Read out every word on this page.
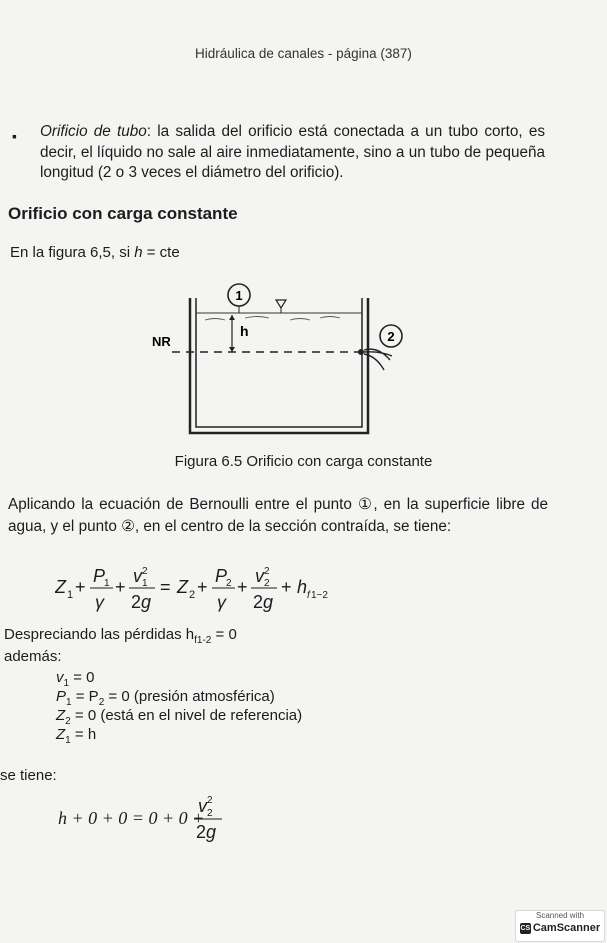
Hidráulica de canales - página (387)
▪ Orificio de tubo: la salida del orificio está conectada a un tubo corto, es decir, el líquido no sale al aire inmediatamente, sino a un tubo de pequeña longitud (2 o 3 veces el diámetro del orificio).
Orificio con carga constante
En la figura 6,5, si h = cte
1
h
NR	2
Figura 6.5 Orificio con carga constante
Aplicando la ecuación de Bernoulli entre el punto ①, en la superficie libre de agua, y el punto ②, en el centro de la sección contraída, se tiene:
Z 1 +
P
1
γ
+
v 1
2
2 g
= Z 2 +
P
2
γ
+
v 2
2
2 g
+ h f 1−2
Despreciando las pérdidas $h_{f1-2} = 0$
además:
$v_1 = 0$
$P_1 = P_2 = 0$ (presión atmosférica)
$Z_2 = 0$ (está en el nivel de referencia)
$Z_1 = h$
se tiene:
h + 0 + 0 = 0 + 0 +
v 2
2
2 g
Scanned with
CS CamScanner
